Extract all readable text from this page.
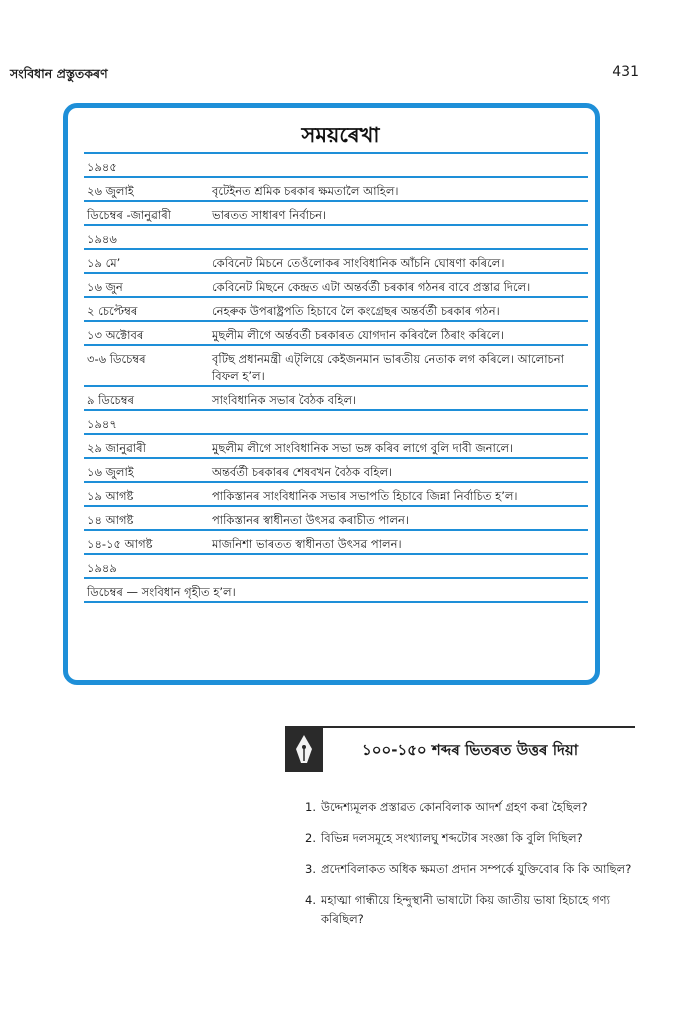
সংবিধান প্ৰস্তুতকৰণ	431
সময়ৰেখা
১৯৪৫
২৬ জুলাই	বৃটেইনত শ্ৰমিক চৰকাৰ ক্ষমতালৈ আহিল।
ডিচেম্বৰ -জানুৱাৰী	ভাৰতত সাধাৰণ নিৰ্বাচন।
১৯৪৬
১৯ মে’	কেবিনেট মিচনে তেওঁলোকৰ সাংবিধানিক আঁচনি ঘোষণা কৰিলে।
১৬ জুন	কেবিনেট মিছনে কেন্দ্ৰত এটা অন্তৰ্বৰ্তী চৰকাৰ গঠনৰ বাবে প্ৰস্তাৱ দিলে।
২ চেপ্টেম্বৰ	নেহৰুক উপৰাষ্ট্ৰপতি হিচাবে লৈ কংগ্ৰেছৰ অন্তৰ্বৰ্তী চৰকাৰ গঠন।
১৩ অক্টোবৰ	মুছলীম লীগে অৰ্ন্তবৰ্তী চৰকাৰত যোগদান কৰিবলৈ ঠিৰাং কৰিলে।
৩-৬ ডিচেম্বৰ	বৃটিছ প্ৰধানমন্ত্ৰী এট্‌লিয়ে কেইজনমান ভাৰতীয় নেতাক লগ কৰিলে। আলোচনা বিফল হ’ল।
৯ ডিচেম্বৰ	সাংবিধানিক সভাৰ বৈঠক বহিল।
১৯৪৭
২৯ জানুৱাৰী	মুছলীম লীগে সাংবিধানিক সভা ভঙ্গ কৰিব লাগে বুলি দাবী জনালে।
১৬ জুলাই	অন্তৰ্বৰ্তী চৰকাৰৰ শেষবখন বৈঠক বহিল।
১৯ আগষ্ট	পাকিস্তানৰ সাংবিধানিক সভাৰ সভাপতি হিচাবে জিন্না নিৰ্বাচিত হ’ল।
১৪ আগষ্ট	পাকিস্তানৰ স্বাধীনতা উৎসৱ কৰাচীত পালন।
১৪-১৫ আগষ্ট	মাজনিশা ভাৰতত স্বাধীনতা উৎসৱ পালন।
১৯৪৯
ডিচেম্বৰ — সংবিধান গৃহীত হ’ল।
১০০-১৫০ শব্দৰ ভিতৰত উত্তৰ দিয়া
1. উদ্দেশ্যমূলক প্ৰস্তাৱত কোনবিলাক আদৰ্শ গ্ৰহণ কৰা হৈছিল?
2. বিভিন্ন দলসমূহে সংখ্যালঘু শব্দটোৰ সংজ্ঞা কি বুলি দিছিল?
3. প্ৰদেশবিলাকত অধিক ক্ষমতা প্ৰদান সম্পৰ্কে যুক্তিবোৰ কি কি আছিল?
4. মহাত্মা গান্ধীয়ে হিন্দুস্থানী ভাষাটো কিয় জাতীয় ভাষা হিচাহে গণ্য কৰিছিল?
